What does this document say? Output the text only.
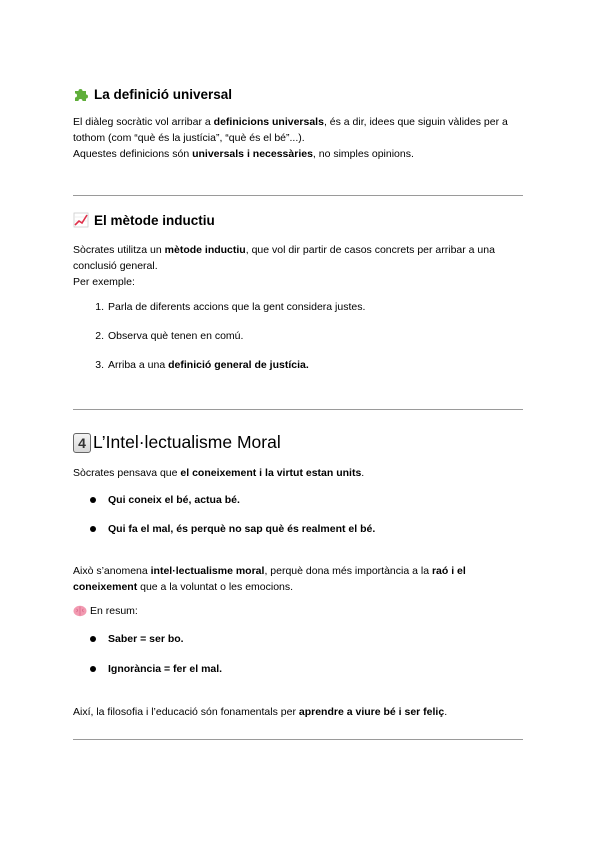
La definició universal
El diàleg socràtic vol arribar a definicions universals, és a dir, idees que siguin vàlides per a tothom (com “què és la justícia”, “què és el bé”...).
Aquestes definicions són universals i necessàries, no simples opinions.
El mètode inductiu
Sòcrates utilitza un mètode inductiu, que vol dir partir de casos concrets per arribar a una conclusió general.
Per exemple:
1. Parla de diferents accions que la gent considera justes.
2. Observa què tenen en comú.
3. Arriba a una definició general de justícia.
4 L’Intel·lectualisme Moral
Sòcrates pensava que el coneixement i la virtut estan units.
Qui coneix el bé, actua bé.
Qui fa el mal, és perquè no sap què és realment el bé.
Això s’anomena intel·lectualisme moral, perquè dona més importància a la raó i el coneixement que a la voluntat o les emocions.
En resum:
Saber = ser bo.
Ignorància = fer el mal.
Així, la filosofia i l’educació són fonamentals per aprendre a viure bé i ser feliç.
